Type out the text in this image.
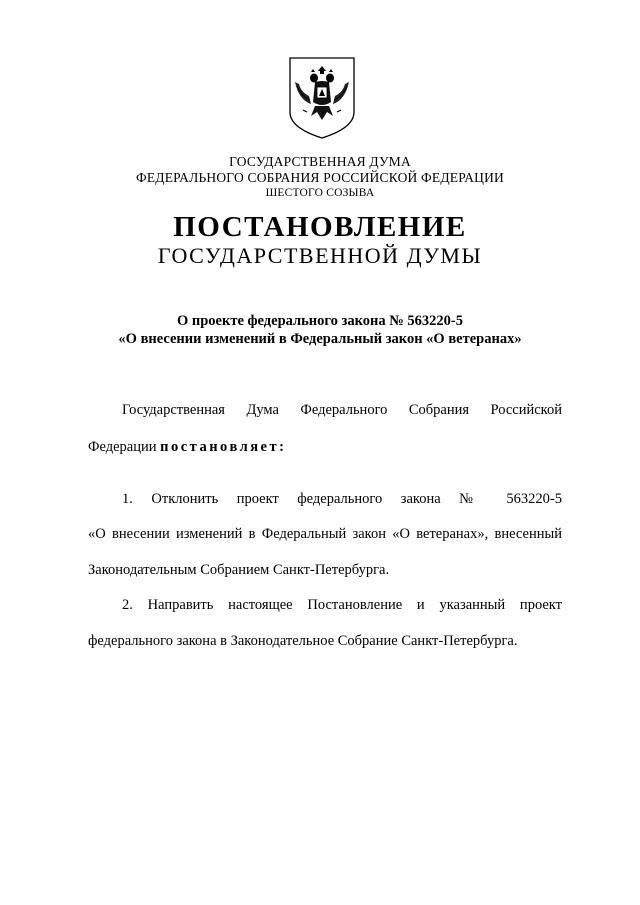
ГОСУДАРСТВЕННАЯ ДУМА
ФЕДЕРАЛЬНОГО СОБРАНИЯ РОССИЙСКОЙ ФЕДЕРАЦИИ
ШЕСТОГО СОЗЫВА
ПОСТАНОВЛЕНИЕ
ГОСУДАРСТВЕННОЙ ДУМЫ
О проекте федерального закона № 563220-5
«О внесении изменений в Федеральный закон «О ветеранах»
Государственная Дума Федерального Собрания Российской
Федерации постановляет:
1. Отклонить проект федерального закона № 563220-5
«О внесении изменений в Федеральный закон «О ветеранах», внесенный
Законодательным Собранием Санкт-Петербурга.
2. Направить настоящее Постановление и указанный проект
федерального закона в Законодательное Собрание Санкт-Петербурга.
